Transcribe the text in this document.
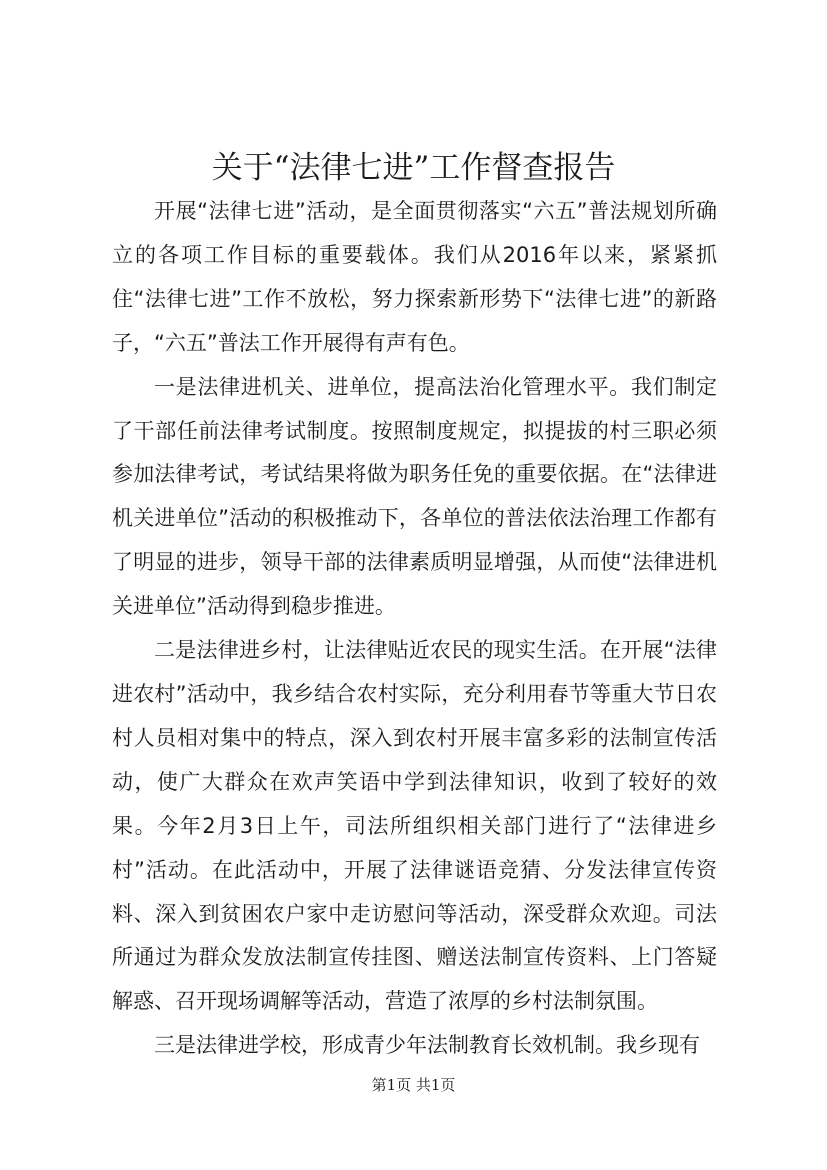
关于“法律七进”工作督查报告

开展“法律七进”活动，是全面贯彻落实“六五”普法规划所确立的各项工作目标的重要载体。我们从2016年以来，紧紧抓住“法律七进”工作不放松，努力探索新形势下“法律七进”的新路子，“六五”普法工作开展得有声有色。

一是法律进机关、进单位，提高法治化管理水平。我们制定了干部任前法律考试制度。按照制度规定，拟提拔的村三职必须参加法律考试，考试结果将做为职务任免的重要依据。在“法律进机关进单位”活动的积极推动下，各单位的普法依法治理工作都有了明显的进步，领导干部的法律素质明显增强，从而使“法律进机关进单位”活动得到稳步推进。

二是法律进乡村，让法律贴近农民的现实生活。在开展“法律进农村”活动中，我乡结合农村实际，充分利用春节等重大节日农村人员相对集中的特点，深入到农村开展丰富多彩的法制宣传活动，使广大群众在欢声笑语中学到法律知识，收到了较好的效果。今年2月3日上午，司法所组织相关部门进行了“法律进乡村”活动。在此活动中，开展了法律谜语竞猜、分发法律宣传资料、深入到贫困农户家中走访慰问等活动，深受群众欢迎。司法所通过为群众发放法制宣传挂图、赠送法制宣传资料、上门答疑解惑、召开现场调解等活动，营造了浓厚的乡村法制氛围。

三是法律进学校，形成青少年法制教育长效机制。我乡现有

第1页 共1页
